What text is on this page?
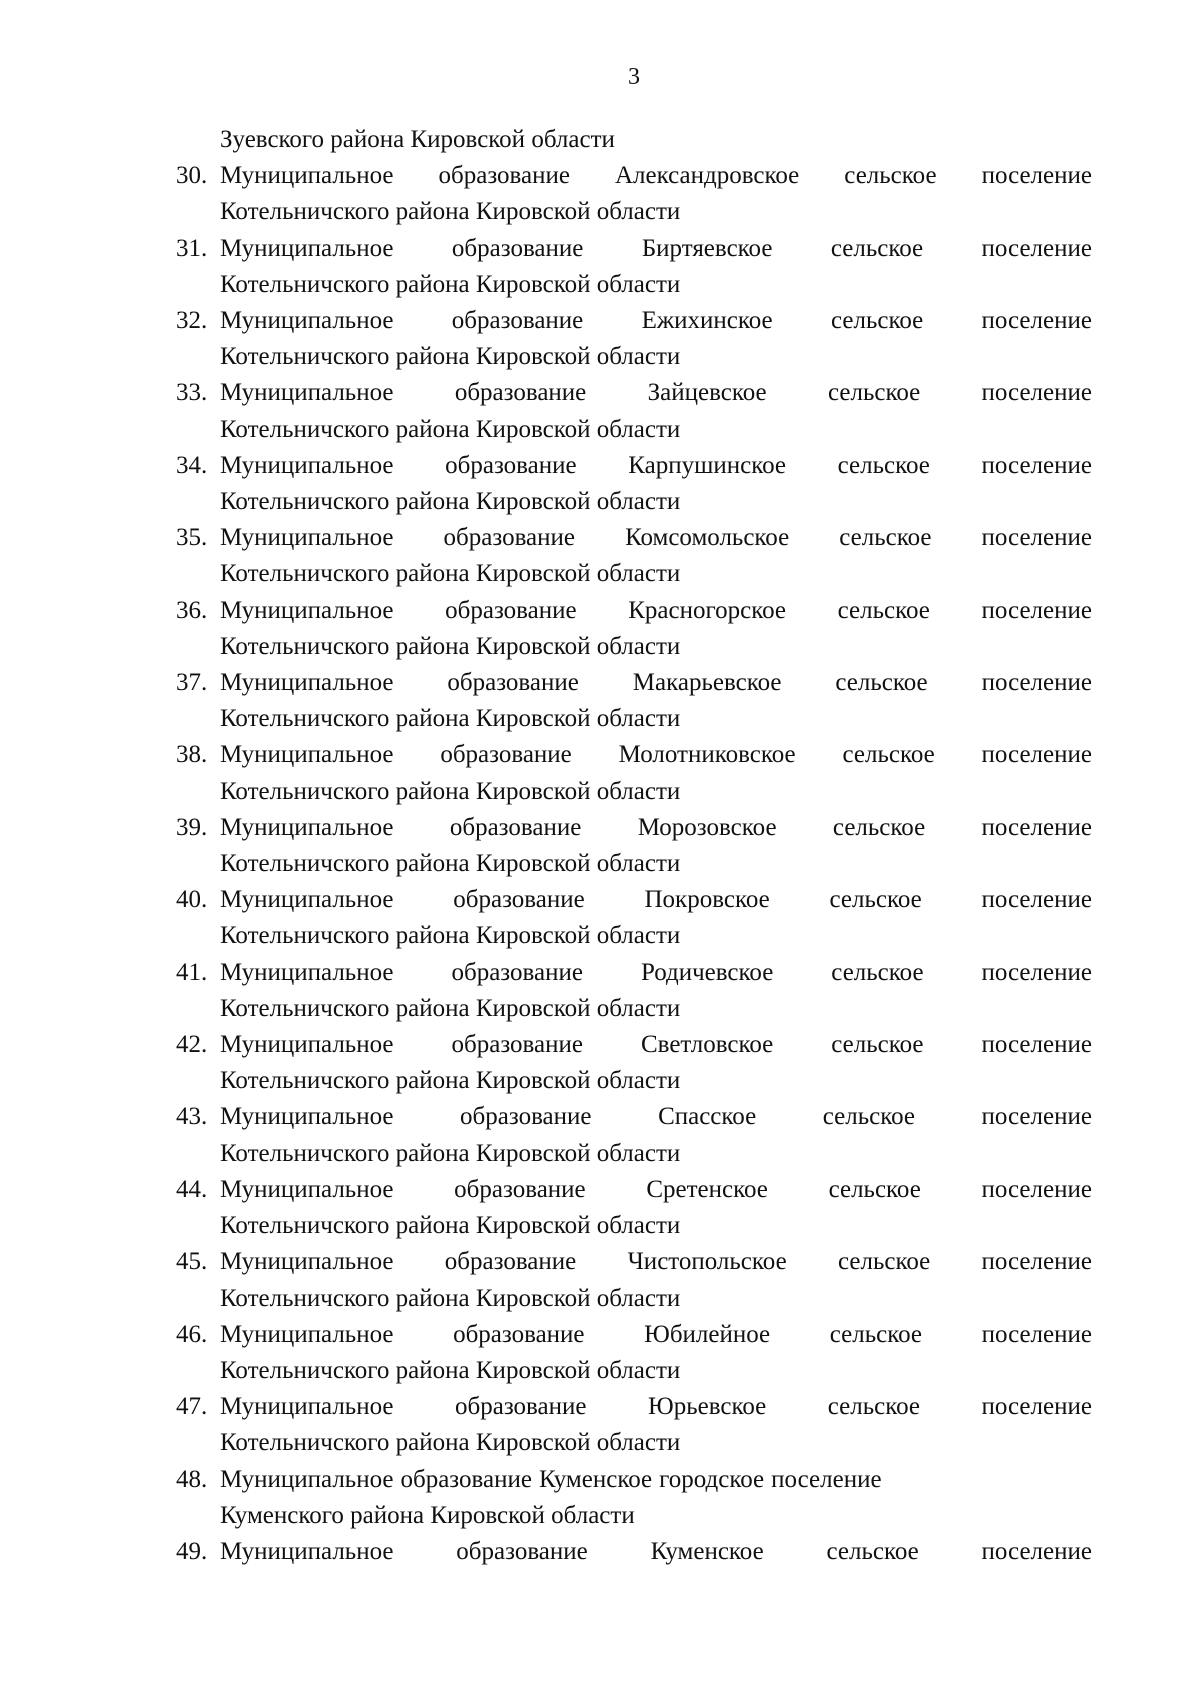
3
Зуевского района Кировской области
30. Муниципальное образование Александровское сельское поселение
Котельничского района Кировской области
31. Муниципальное образование Биртяевское сельское поселение
Котельничского района Кировской области
32. Муниципальное образование Ежихинское сельское поселение
Котельничского района Кировской области
33. Муниципальное образование Зайцевское сельское поселение
Котельничского района Кировской области
34. Муниципальное образование Карпушинское сельское поселение
Котельничского района Кировской области
35. Муниципальное образование Комсомольское сельское поселение
Котельничского района Кировской области
36. Муниципальное образование Красногорское сельское поселение
Котельничского района Кировской области
37. Муниципальное образование Макарьевское сельское поселение
Котельничского района Кировской области
38. Муниципальное образование Молотниковское сельское поселение
Котельничского района Кировской области
39. Муниципальное образование Морозовское сельское поселение
Котельничского района Кировской области
40. Муниципальное образование Покровское сельское поселение
Котельничского района Кировской области
41. Муниципальное образование Родичевское сельское поселение
Котельничского района Кировской области
42. Муниципальное образование Светловское сельское поселение
Котельничского района Кировской области
43. Муниципальное	образование	Спасское	сельское	поселение
Котельничского района Кировской области
44. Муниципальное образование Сретенское сельское поселение
Котельничского района Кировской области
45. Муниципальное образование Чистопольское сельское поселение
Котельничского района Кировской области
46. Муниципальное образование Юбилейное сельское поселение
Котельничского района Кировской области
47. Муниципальное образование Юрьевское сельское поселение
Котельничского района Кировской области
48. Муниципальное образование Куменское городское поселение
Куменского района Кировской области
49. Муниципальное	образование	Куменское	сельское	поселение
